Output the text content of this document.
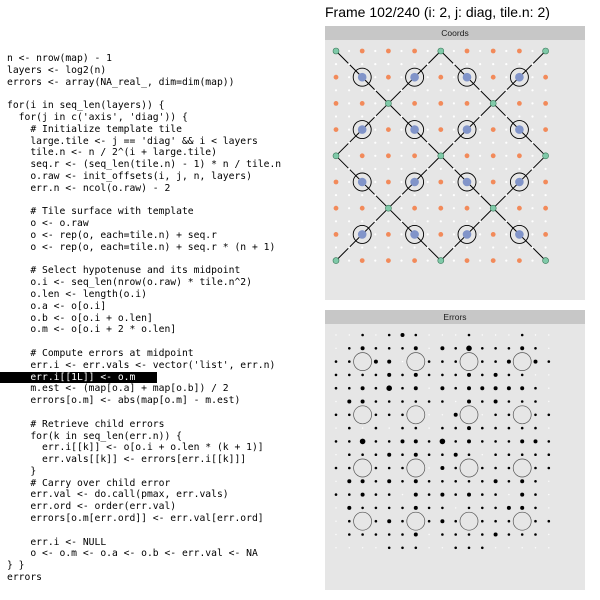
Frame 102/240 (i: 2, j: diag, tile.n: 2)
n <- nrow(map) - 1
layers <- log2(n)
errors <- array(NA_real_, dim=dim(map))
for(i in seq_len(layers)) {
for(j in c('axis', 'diag')) {
# Initialize template tile
large.tile <- j == 'diag' && i < layers
tile.n <- n / 2^(i + large.tile)
seq.r <- (seq_len(tile.n) - 1) * n / tile.n
o.raw <- init_offsets(i, j, n, layers)
err.n <- ncol(o.raw) - 2
# Tile surface with template
o <- o.raw
o <- rep(o, each=tile.n) + seq.r
o <- rep(o, each=tile.n) + seq.r * (n + 1)
# Select hypotenuse and its midpoint
o.i <- seq_len(nrow(o.raw) * tile.n^2)
o.len <- length(o.i)
o.a <- o[o.i]
o.b <- o[o.i + o.len]
o.m <- o[o.i + 2 * o.len]
# Compute errors at midpoint
err.i <- err.vals <- vector('list', err.n)
err.i[[1L]] <- o.m
m.est <- (map[o.a] + map[o.b]) / 2
errors[o.m] <- abs(map[o.m] - m.est)
# Retrieve child errors
for(k in seq_len(err.n)) {
err.i[[k]] <- o[o.i + o.len * (k + 1)]
err.vals[[k]] <- errors[err.i[[k]]]
}
# Carry over child error
err.val <- do.call(pmax, err.vals)
err.ord <- order(err.val)
errors[o.m[err.ord]] <- err.val[err.ord]
err.i <- NULL
o <- o.m <- o.a <- o.b <- err.val <- NA
} }
errors
Coords
Errors
